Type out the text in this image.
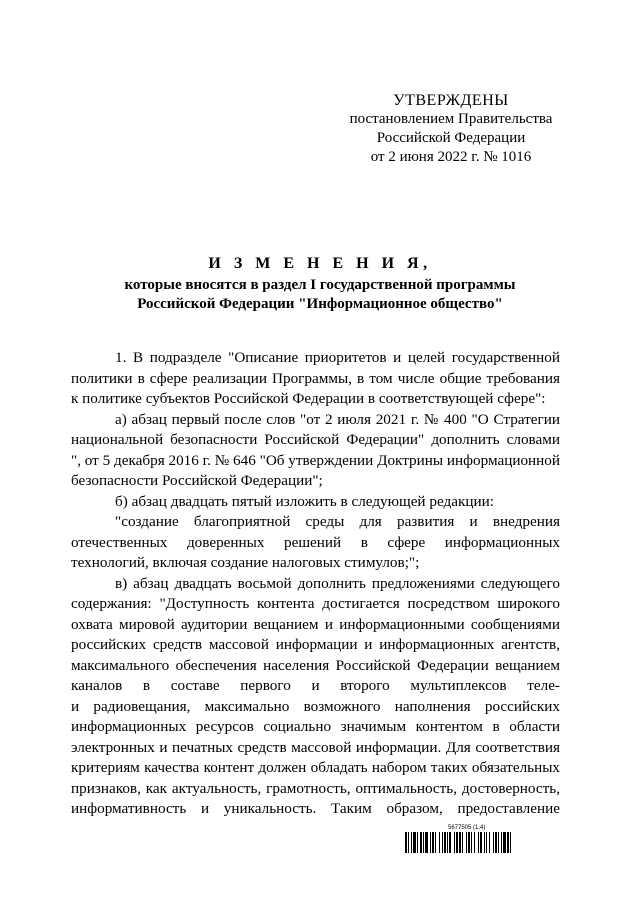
УТВЕРЖДЕНЫ
постановлением Правительства
Российской Федерации
от 2 июня 2022 г. № 1016
И З М Е Н Е Н И Я,
которые вносятся в раздел I государственной программы
Российской Федерации "Информационное общество"
1. В подразделе "Описание приоритетов и целей государственной
политики в сфере реализации Программы, в том числе общие требования
к политике субъектов Российской Федерации в соответствующей сфере":
а) абзац первый после слов "от 2 июля 2021 г. № 400 "О Стратегии
национальной безопасности Российской Федерации" дополнить словами
", от 5 декабря 2016 г. № 646 "Об утверждении Доктрины информационной
безопасности Российской Федерации";
б) абзац двадцать пятый изложить в следующей редакции:
"создание благоприятной среды для развития и внедрения
отечественных доверенных решений в сфере информационных
технологий, включая создание налоговых стимулов;";
в) абзац двадцать восьмой дополнить предложениями следующего
содержания: "Доступность контента достигается посредством широкого
охвата мировой аудитории вещанием и информационными сообщениями
российских средств массовой информации и информационных агентств,
максимального обеспечения населения Российской Федерации вещанием
каналов в составе первого и второго мультиплексов теле-
и радиовещания, максимально возможного наполнения российских
информационных ресурсов социально значимым контентом в области
электронных и печатных средств массовой информации. Для соответствия
критериям качества контент должен обладать набором таких обязательных
признаков, как актуальность, грамотность, оптимальность, достоверность,
информативность и уникальность. Таким образом, предоставление
5677505 (1.4)
